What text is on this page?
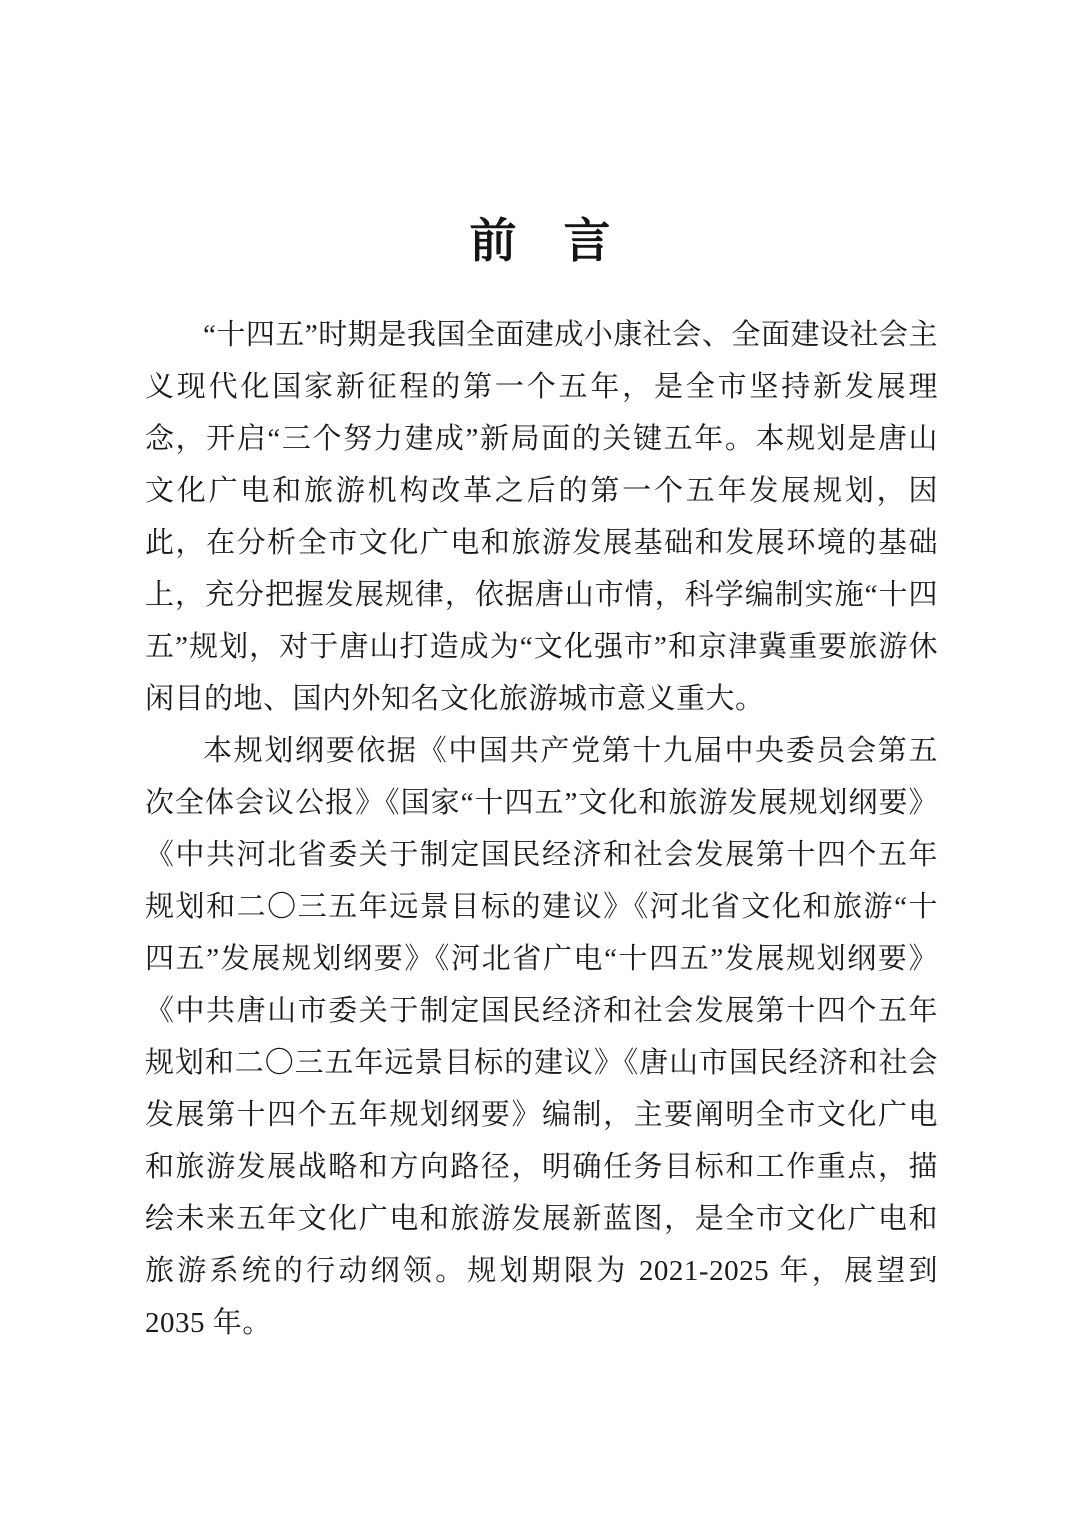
前　言

“十四五”时期是我国全面建成小康社会、全面建设社会主义现代化国家新征程的第一个五年，是全市坚持新发展理念，开启“三个努力建成”新局面的关键五年。本规划是唐山文化广电和旅游机构改革之后的第一个五年发展规划，因此，在分析全市文化广电和旅游发展基础和发展环境的基础上，充分把握发展规律，依据唐山市情，科学编制实施“十四五”规划，对于唐山打造成为“文化强市”和京津冀重要旅游休闲目的地、国内外知名文化旅游城市意义重大。

本规划纲要依据《中国共产党第十九届中央委员会第五次全体会议公报》《国家“十四五”文化和旅游发展规划纲要》《中共河北省委关于制定国民经济和社会发展第十四个五年规划和二〇三五年远景目标的建议》《河北省文化和旅游“十四五”发展规划纲要》《河北省广电“十四五”发展规划纲要》《中共唐山市委关于制定国民经济和社会发展第十四个五年规划和二〇三五年远景目标的建议》《唐山市国民经济和社会发展第十四个五年规划纲要》编制，主要阐明全市文化广电和旅游发展战略和方向路径，明确任务目标和工作重点，描绘未来五年文化广电和旅游发展新蓝图，是全市文化广电和旅游系统的行动纲领。规划期限为 2021-2025 年，展望到 2035 年。
